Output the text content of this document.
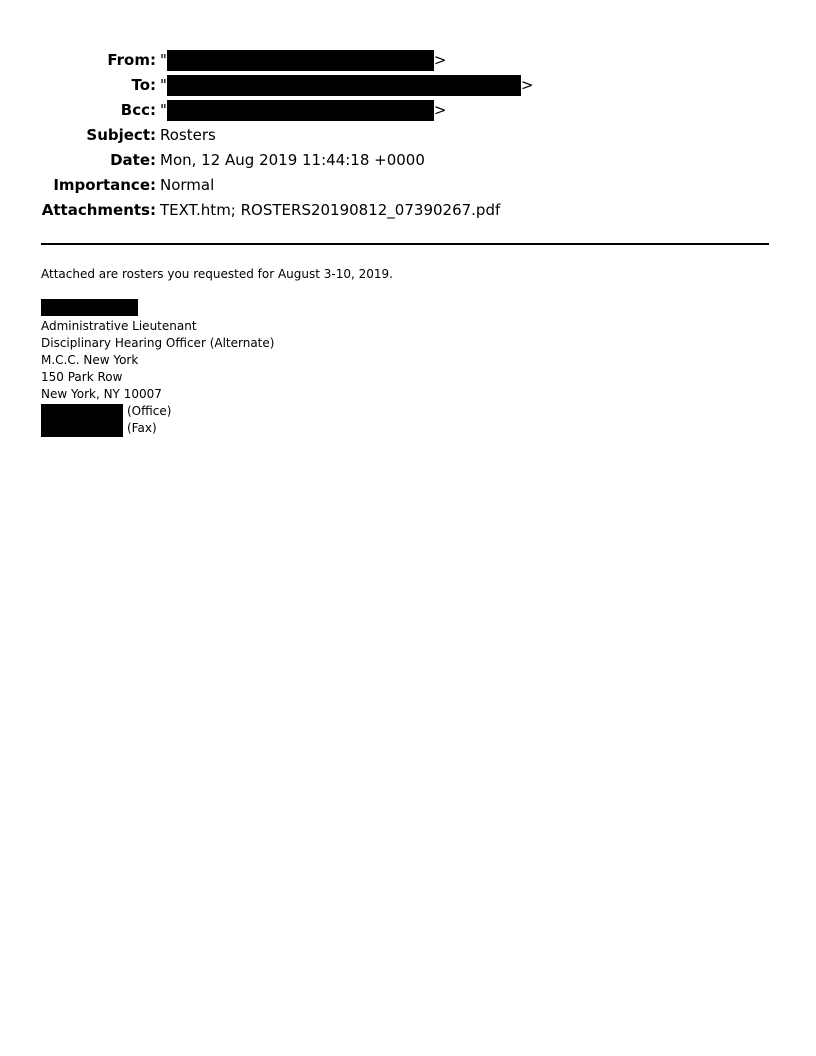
From: "	>
To: "	>
Bcc: "	>
Subject: Rosters
Date: Mon, 12 Aug 2019 11:44:18 +0000
Importance: Normal
Attachments: TEXT.htm; ROSTERS20190812_07390267.pdf
Attached are rosters you requested for August 3-10, 2019.
Administrative Lieutenant
Disciplinary Hearing Officer (Alternate)
M.C.C. New York
150 Park Row
New York, NY 10007
(Office)
(Fax)
